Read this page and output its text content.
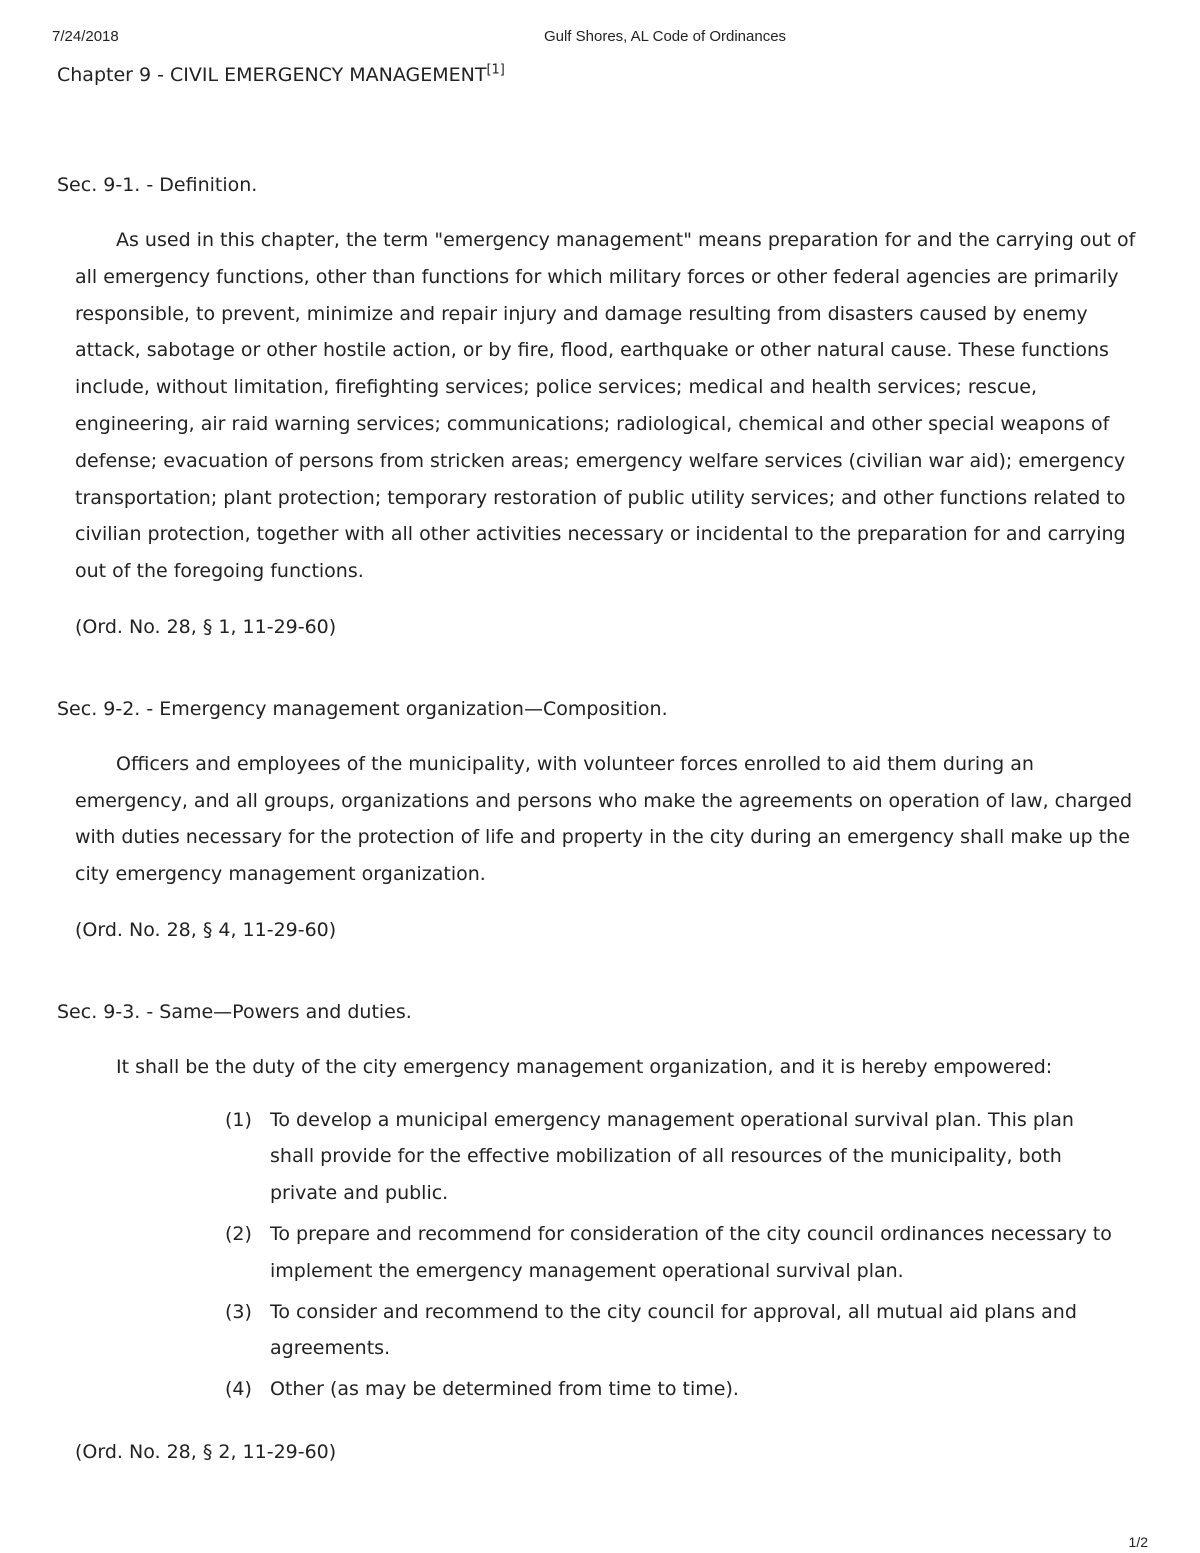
7/24/2018	Gulf Shores, AL Code of Ordinances
Chapter 9 - CIVIL EMERGENCY MANAGEMENT[1]
Sec. 9-1. - Definition.

As used in this chapter, the term "emergency management" means preparation for and the carrying out of all emergency functions, other than functions for which military forces or other federal agencies are primarily responsible, to prevent, minimize and repair injury and damage resulting from disasters caused by enemy attack, sabotage or other hostile action, or by fire, flood, earthquake or other natural cause. These functions include, without limitation, firefighting services; police services; medical and health services; rescue, engineering, air raid warning services; communications; radiological, chemical and other special weapons of defense; evacuation of persons from stricken areas; emergency welfare services (civilian war aid); emergency transportation; plant protection; temporary restoration of public utility services; and other functions related to civilian protection, together with all other activities necessary or incidental to the preparation for and carrying out of the foregoing functions.

(Ord. No. 28, § 1, 11-29-60)

Sec. 9-2. - Emergency management organization—Composition.

Officers and employees of the municipality, with volunteer forces enrolled to aid them during an emergency, and all groups, organizations and persons who make the agreements on operation of law, charged with duties necessary for the protection of life and property in the city during an emergency shall make up the city emergency management organization.

(Ord. No. 28, § 4, 11-29-60)

Sec. 9-3. - Same—Powers and duties.

It shall be the duty of the city emergency management organization, and it is hereby empowered:

(1) To develop a municipal emergency management operational survival plan. This plan shall provide for the effective mobilization of all resources of the municipality, both private and public.
(2) To prepare and recommend for consideration of the city council ordinances necessary to implement the emergency management operational survival plan.
(3) To consider and recommend to the city council for approval, all mutual aid plans and agreements.
(4) Other (as may be determined from time to time).

(Ord. No. 28, § 2, 11-29-60)

1/2
